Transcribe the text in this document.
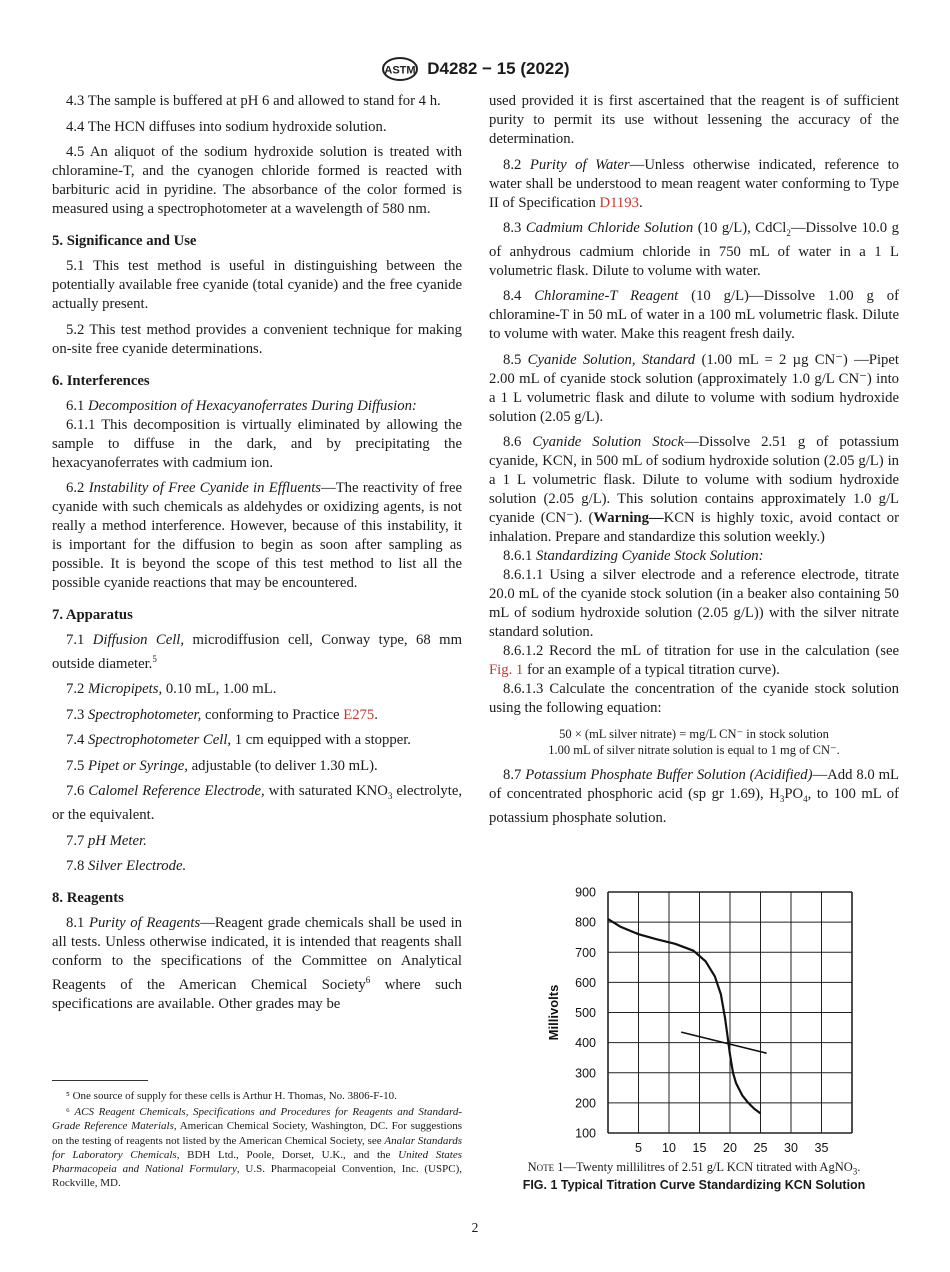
ASTM D4282 − 15 (2022)

4.3 The sample is buffered at pH 6 and allowed to stand for 4 h.

4.4 The HCN diffuses into sodium hydroxide solution.

4.5 An aliquot of the sodium hydroxide solution is treated with chloramine-T, and the cyanogen chloride formed is reacted with barbituric acid in pyridine. The absorbance of the color formed is measured using a spectrophotometer at a wavelength of 580 nm.

5. Significance and Use

5.1 This test method is useful in distinguishing between the potentially available free cyanide (total cyanide) and the free cyanide actually present.

5.2 This test method provides a convenient technique for making on-site free cyanide determinations.

6. Interferences

6.1 Decomposition of Hexacyanoferrates During Diffusion:

6.1.1 This decomposition is virtually eliminated by allowing the sample to diffuse in the dark, and by precipitating the hexacyanoferrates with cadmium ion.

6.2 Instability of Free Cyanide in Effluents—The reactivity of free cyanide with such chemicals as aldehydes or oxidizing agents, is not really a method interference. However, because of this instability, it is important for the diffusion to begin as soon after sampling as possible. It is beyond the scope of this test method to list all the possible cyanide reactions that may be encountered.

7. Apparatus

7.1 Diffusion Cell, microdiffusion cell, Conway type, 68 mm outside diameter.$^5$

7.2 Micropipets, 0.10 mL, 1.00 mL.

7.3 Spectrophotometer, conforming to Practice E275.

7.4 Spectrophotometer Cell, 1 cm equipped with a stopper.

7.5 Pipet or Syringe, adjustable (to deliver 1.30 mL).

7.6 Calomel Reference Electrode, with saturated $KNO_3$ electrolyte, or the equivalent.

7.7 pH Meter.

7.8 Silver Electrode.

8. Reagents

8.1 Purity of Reagents—Reagent grade chemicals shall be used in all tests. Unless otherwise indicated, it is intended that reagents shall conform to the specifications of the Committee on Analytical Reagents of the American Chemical Society$^6$ where such specifications are available. Other grades may be

⁵ One source of supply for these cells is Arthur H. Thomas, No. 3806-F-10.

⁶ ACS Reagent Chemicals, Specifications and Procedures for Reagents and Standard-Grade Reference Materials, American Chemical Society, Washington, DC. For suggestions on the testing of reagents not listed by the American Chemical Society, see Analar Standards for Laboratory Chemicals, BDH Ltd., Poole, Dorset, U.K., and the United States Pharmacopeia and National Formulary, U.S. Pharmacopeial Convention, Inc. (USPC), Rockville, MD.

used provided it is first ascertained that the reagent is of sufficient purity to permit its use without lessening the accuracy of the determination.

8.2 Purity of Water—Unless otherwise indicated, reference to water shall be understood to mean reagent water conforming to Type II of Specification D1193.

8.3 Cadmium Chloride Solution (10 g/L), CdCl$_2$—Dissolve 10.0 g of anhydrous cadmium chloride in 750 mL of water in a 1 L volumetric flask. Dilute to volume with water.

8.4 Chloramine-T Reagent (10 g/L)—Dissolve 1.00 g of chloramine-T in 50 mL of water in a 100 mL volumetric flask. Dilute to volume with water. Make this reagent fresh daily.

8.5 Cyanide Solution, Standard (1.00 mL = 2 µg CN⁻) —Pipet 2.00 mL of cyanide stock solution (approximately 1.0 g/L CN⁻) into a 1 L volumetric flask and dilute to volume with sodium hydroxide solution (2.05 g/L).

8.6 Cyanide Solution Stock—Dissolve 2.51 g of potassium cyanide, KCN, in 500 mL of sodium hydroxide solution (2.05 g/L) in a 1 L volumetric flask. Dilute to volume with sodium hydroxide solution (2.05 g/L). This solution contains approximately 1.0 g/L cyanide (CN⁻). (Warning—KCN is highly toxic, avoid contact or inhalation. Prepare and standardize this solution weekly.)

8.6.1 Standardizing Cyanide Stock Solution:

8.6.1.1 Using a silver electrode and a reference electrode, titrate 20.0 mL of the cyanide stock solution (in a beaker also containing 50 mL of sodium hydroxide solution (2.05 g/L)) with the silver nitrate standard solution.

8.6.1.2 Record the mL of titration for use in the calculation (see Fig. 1 for an example of a typical titration curve).

8.6.1.3 Calculate the concentration of the cyanide stock solution using the following equation:

50 × (mL silver nitrate) = mg/L CN⁻ in stock solution
1.00 mL of silver nitrate solution is equal to 1 mg of CN⁻.

8.7 Potassium Phosphate Buffer Solution (Acidified)—Add 8.0 mL of concentrated phosphoric acid (sp gr 1.69), $H_3PO_4$, to 100 mL of potassium phosphate solution.

Millivolts
100
200
300
400
500
600
700
800
900
5 10 15 20 25 30 35
Note 1—Twenty millilitres of 2.51 g/L KCN titrated with AgNO$_3$.
FIG. 1 Typical Titration Curve Standardizing KCN Solution
2
